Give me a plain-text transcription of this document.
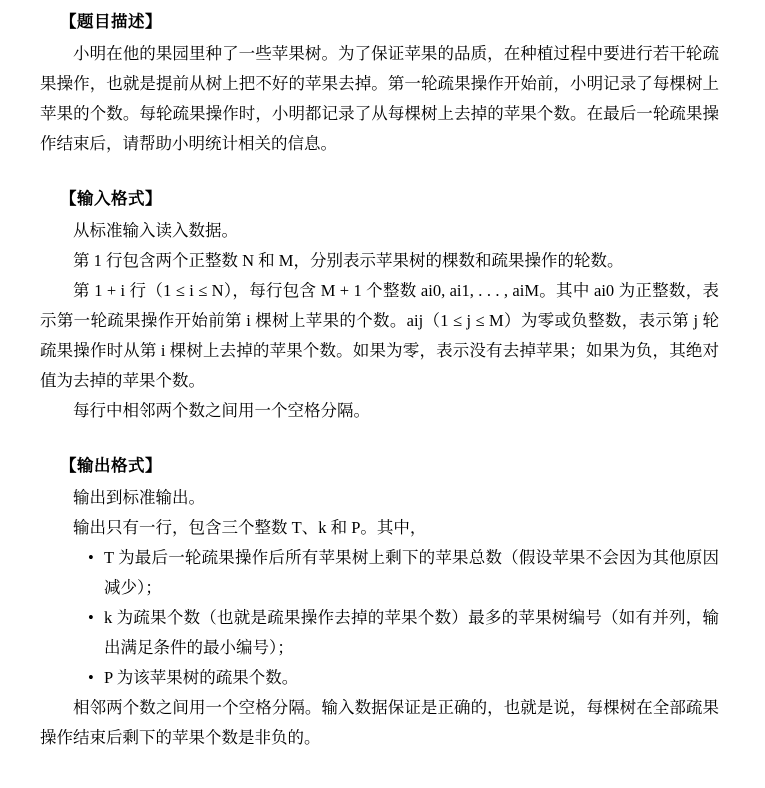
【题目描述】

小明在他的果园里种了一些苹果树。为了保证苹果的品质，在种植过程中要进行若干轮疏果操作，也就是提前从树上把不好的苹果去掉。第一轮疏果操作开始前，小明记录了每棵树上苹果的个数。每轮疏果操作时，小明都记录了从每棵树上去掉的苹果个数。在最后一轮疏果操作结束后，请帮助小明统计相关的信息。

【输入格式】

从标准输入读入数据。

第 1 行包含两个正整数 N 和 M，分别表示苹果树的棵数和疏果操作的轮数。

第 1 + i 行（1 ≤ i ≤ N），每行包含 M + 1 个整数 ai0, ai1, . . . , aiM。其中 ai0 为正整数，表示第一轮疏果操作开始前第 i 棵树上苹果的个数。aij（1 ≤ j ≤ M）为零或负整数，表示第 j 轮疏果操作时从第 i 棵树上去掉的苹果个数。如果为零，表示没有去掉苹果；如果为负，其绝对值为去掉的苹果个数。

每行中相邻两个数之间用一个空格分隔。

【输出格式】

输出到标准输出。

输出只有一行，包含三个整数 T、k 和 P。其中，

• T 为最后一轮疏果操作后所有苹果树上剩下的苹果总数（假设苹果不会因为其他原因减少）；
• k 为疏果个数（也就是疏果操作去掉的苹果个数）最多的苹果树编号（如有并列，输出满足条件的最小编号）；
• P 为该苹果树的疏果个数。

相邻两个数之间用一个空格分隔。输入数据保证是正确的，也就是说，每棵树在全部疏果操作结束后剩下的苹果个数是非负的。
